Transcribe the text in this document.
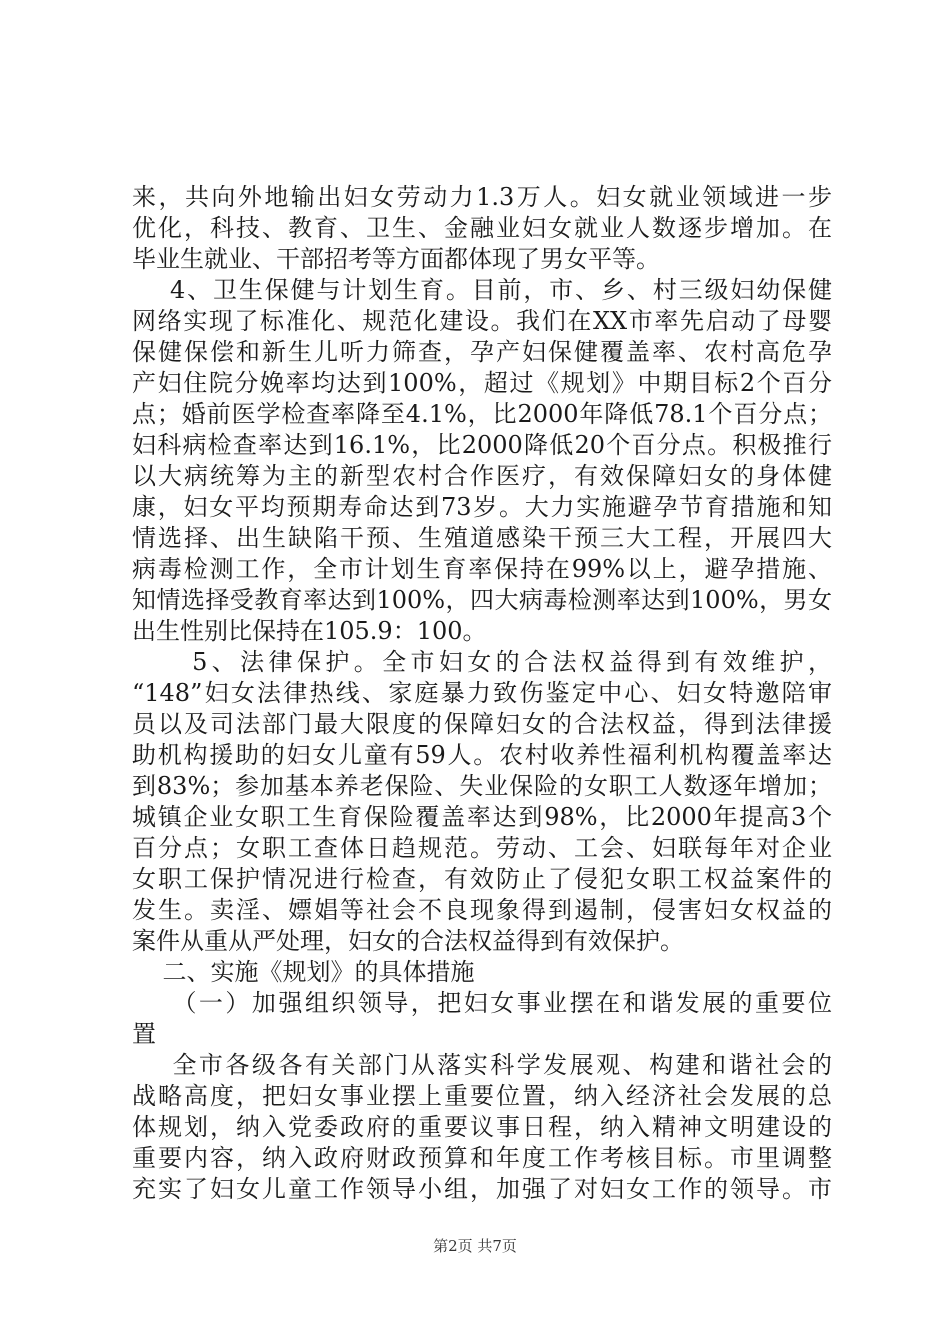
来，共向外地输出妇女劳动力1.3万人。妇女就业领域进一步
优化，科技、教育、卫生、金融业妇女就业人数逐步增加。在
毕业生就业、干部招考等方面都体现了男女平等。
4、卫生保健与计划生育。目前，市、乡、村三级妇幼保健
网络实现了标准化、规范化建设。我们在XX市率先启动了母婴
保健保偿和新生儿听力筛查，孕产妇保健覆盖率、农村高危孕
产妇住院分娩率均达到100%，超过《规划》中期目标2个百分
点；婚前医学检查率降至4.1%，比2000年降低78.1个百分点；
妇科病检查率达到16.1%，比2000降低20个百分点。积极推行
以大病统筹为主的新型农村合作医疗，有效保障妇女的身体健
康，妇女平均预期寿命达到73岁。大力实施避孕节育措施和知
情选择、出生缺陷干预、生殖道感染干预三大工程，开展四大
病毒检测工作，全市计划生育率保持在99%以上，避孕措施、
知情选择受教育率达到100%，四大病毒检测率达到100%，男女
出生性别比保持在105.9：100。
5、法律保护。全市妇女的合法权益得到有效维护，
“148”妇女法律热线、家庭暴力致伤鉴定中心、妇女特邀陪审
员以及司法部门最大限度的保障妇女的合法权益，得到法律援
助机构援助的妇女儿童有59人。农村收养性福利机构覆盖率达
到83%；参加基本养老保险、失业保险的女职工人数逐年增加；
城镇企业女职工生育保险覆盖率达到98%，比2000年提高3个
百分点；女职工查体日趋规范。劳动、工会、妇联每年对企业
女职工保护情况进行检查，有效防止了侵犯女职工权益案件的
发生。卖淫、嫖娼等社会不良现象得到遏制，侵害妇女权益的
案件从重从严处理，妇女的合法权益得到有效保护。
二、实施《规划》的具体措施
（一）加强组织领导，把妇女事业摆在和谐发展的重要位
置
全市各级各有关部门从落实科学发展观、构建和谐社会的
战略高度，把妇女事业摆上重要位置，纳入经济社会发展的总
体规划，纳入党委政府的重要议事日程，纳入精神文明建设的
重要内容，纳入政府财政预算和年度工作考核目标。市里调整
充实了妇女儿童工作领导小组，加强了对妇女工作的领导。市
第2页 共7页
